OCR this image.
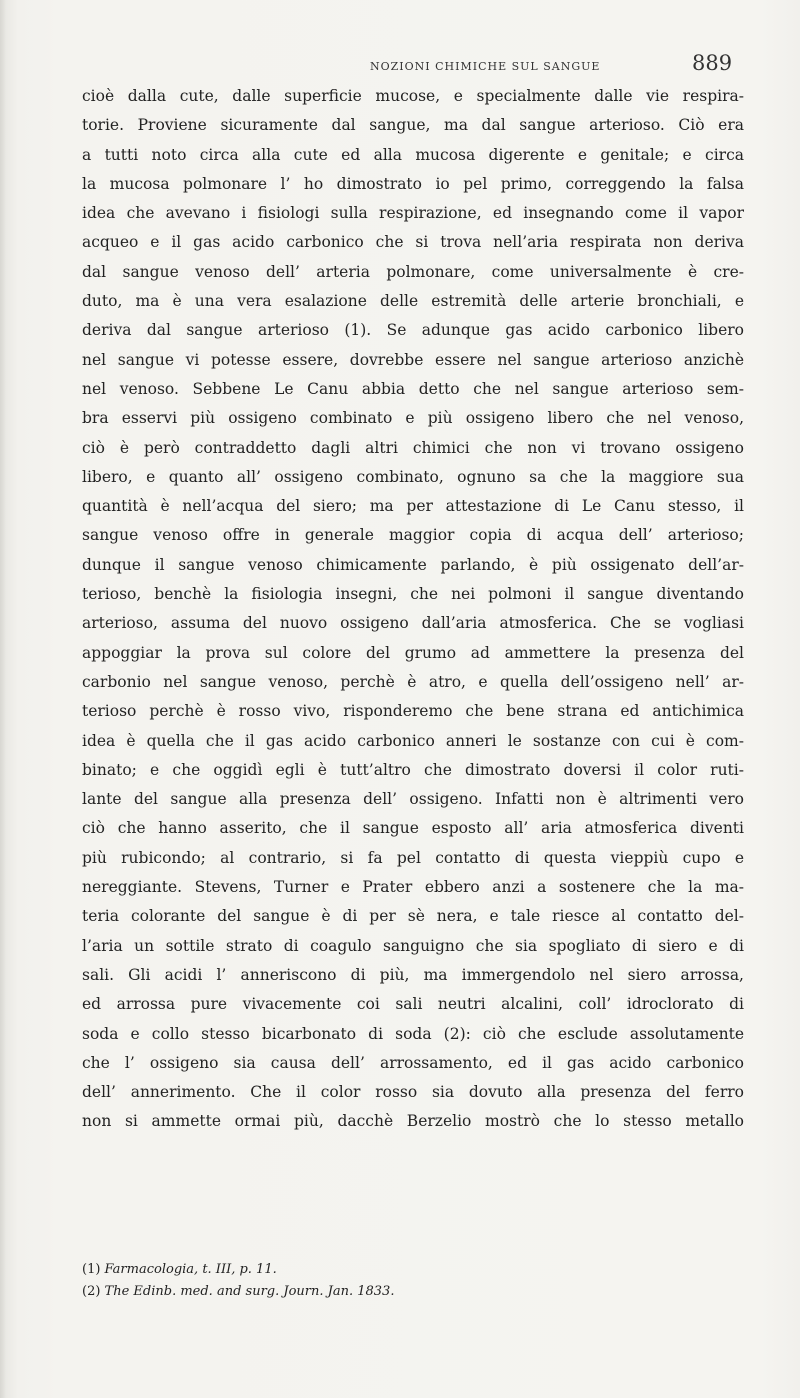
NOZIONI CHIMICHE SUL SANGUE	889
cioè dalla cute, dalle superficie mucose, e specialmente dalle vie respira-
torie. Proviene sicuramente dal sangue, ma dal sangue arterioso. Ciò era
a tutti noto circa alla cute ed alla mucosa digerente e genitale; e circa
la mucosa polmonare l’ ho dimostrato io pel primo, correggendo la falsa
idea che avevano i fisiologi sulla respirazione, ed insegnando come il vapor
acqueo e il gas acido carbonico che si trova nell’aria respirata non deriva
dal sangue venoso dell’ arteria polmonare, come universalmente è cre-
duto, ma è una vera esalazione delle estremità delle arterie bronchiali, e
deriva dal sangue arterioso (1). Se adunque gas acido carbonico libero
nel sangue vi potesse essere, dovrebbe essere nel sangue arterioso anzichè
nel venoso. Sebbene Le Canu abbia detto che nel sangue arterioso sem-
bra esservi più ossigeno combinato e più ossigeno libero che nel venoso,
ciò è però contraddetto dagli altri chimici che non vi trovano ossigeno
libero, e quanto all’ ossigeno combinato, ognuno sa che la maggiore sua
quantità è nell’acqua del siero; ma per attestazione di Le Canu stesso, il
sangue venoso offre in generale maggior copia di acqua dell’ arterioso;
dunque il sangue venoso chimicamente parlando, è più ossigenato dell’ar-
terioso, benchè la fisiologia insegni, che nei polmoni il sangue diventando
arterioso, assuma del nuovo ossigeno dall’aria atmosferica. Che se vogliasi
appoggiar la prova sul colore del grumo ad ammettere la presenza del
carbonio nel sangue venoso, perchè è atro, e quella dell’ossigeno nell’ ar-
terioso perchè è rosso vivo, risponderemo che bene strana ed antichimica
idea è quella che il gas acido carbonico anneri le sostanze con cui è com-
binato; e che oggidì egli è tutt’altro che dimostrato doversi il color ruti-
lante del sangue alla presenza dell’ ossigeno. Infatti non è altrimenti vero
ciò che hanno asserito, che il sangue esposto all’ aria atmosferica diventi
più rubicondo; al contrario, si fa pel contatto di questa vieppiù cupo e
nereggiante. Stevens, Turner e Prater ebbero anzi a sostenere che la ma-
teria colorante del sangue è di per sè nera, e tale riesce al contatto del-
l’aria un sottile strato di coagulo sanguigno che sia spogliato di siero e di
sali. Gli acidi l’ anneriscono di più, ma immergendolo nel siero arrossa,
ed arrossa pure vivacemente coi sali neutri alcalini, coll’ idroclorato di
soda e collo stesso bicarbonato di soda (2): ciò che esclude assolutamente
che l’ ossigeno sia causa dell’ arrossamento, ed il gas acido carbonico
dell’ annerimento. Che il color rosso sia dovuto alla presenza del ferro
non si ammette ormai più, dacchè Berzelio mostrò che lo stesso metallo
(1) Farmacologia, t. III, p. 11.
(2) The Edinb. med. and surg. Journ. Jan. 1833.
